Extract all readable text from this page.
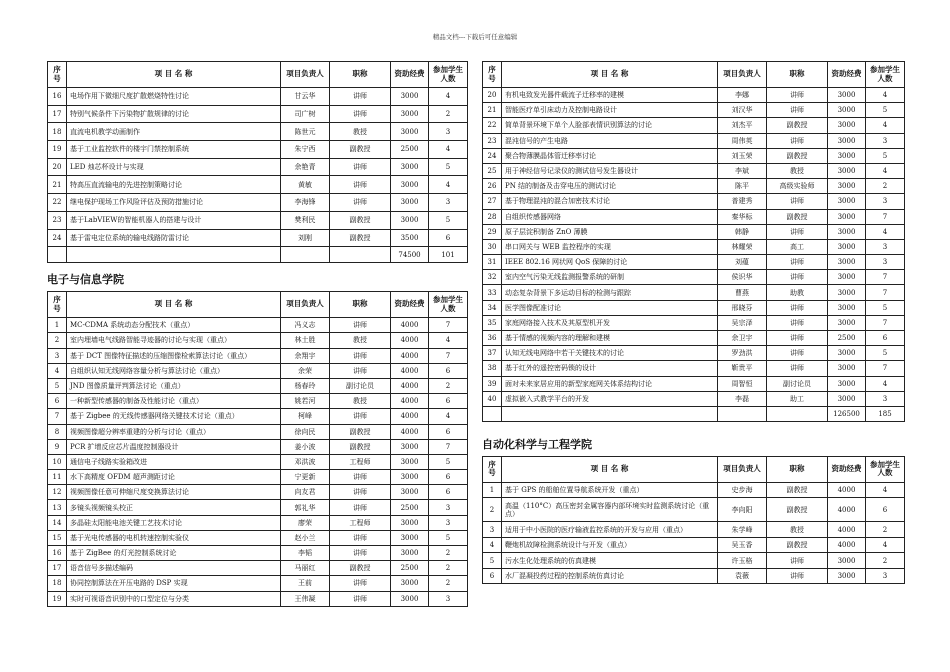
精品文档---下载后可任意编辑
序号	项 目 名 称	项目负责人	职称	资助经费	参加学生人数
16	电场作用下微细尺度扩散燃烧特性讨论	甘云华	讲师	3000	4
17	特别气候条件下污染物扩散规律的讨论	司广树	讲师	3000	2
18	直流电机教学动画制作	陈世元	教授	3000	3
19	基于工业监控软件的楼宇门禁控制系统	朱宁西	副教授	2500	4
20	LED 烛芯杯设计与实现	余艳青	讲师	3000	5
21	特高压直流输电的先进控制策略讨论	黄敏	讲师	3000	4
22	继电保护现场工作风险评估及预防措施讨论	李海锋	讲师	3000	3
23	基于LabVIEW的智能机器人的搭建与设计	樊利民	副教授	3000	5
24	基于雷电定位系统的输电线路防雷讨论	刘刚	副教授	3500	6
				74500	101
电子与信息学院
序号	项 目 名 称	项目负责人	职称	资助经费	参加学生人数
1	MC-CDMA 系统动态分配技术（重点）	冯义志	讲师	4000	7
2	室内埋墙电气线路智能寻迹器的讨论与实现（重点）	林土胜	教授	4000	4
3	基于 DCT 图像特征描述的压缩图像检索算法讨论（重点）	余翔宇	讲师	4000	7
4	自组织认知无线网络容量分析与算法讨论（重点）	余荣	讲师	4000	6
5	JND 图像质量评判算法讨论（重点）	杨春玲	副讨论员	4000	2
6	一种新型传感器的制备及性能讨论（重点）	姚若河	教授	4000	6
7	基于 Zigbee 的无线传感器网络关键技术讨论（重点）	柯峰	讲师	4000	4
8	视频图像超分辨率重建的分析与讨论（重点）	徐向民	副教授	4000	6
9	PCR 扩增反应芯片温度控制器设计	姜小波	副教授	3000	7
10	通信电子线路实验箱改进	邓洪波	工程师	3000	5
11	水下高精度 OFDM 超声测距讨论	宁更新	讲师	3000	6
12	视频图像任意可伸缩尺度变换算法讨论	向友君	讲师	3000	6
13	多镜头视频镜头校正	郭礼华	讲师	2500	3
14	多晶硅太阳能电池关键工艺技术讨论	廖荣	工程师	3000	3
15	基于光电传感器的电机转速控制实验仪	赵小兰	讲师	3000	5
16	基于 ZigBee 的灯光控制系统讨论	李韬	讲师	3000	2
17	语音信号多描述编码	马丽红	副教授	2500	2
18	协同控制算法在开压电路的 DSP 实现	王前	讲师	3000	2
19	实时可视语音识别中的口型定位与分类	王伟凝	讲师	3000	3
序号	项 目 名 称	项目负责人	职称	资助经费	参加学生人数
20	有机电致发光器件载流子迁移率的建模	李娜	讲师	3000	4
21	智能医疗单引床动力及控制电路设计	刘汉华	讲师	3000	5
22	简单背景环境下单个人脸部表情识别算法的讨论	刘杰平	副教授	3000	4
23	混沌信号的产生电路	周伟英	讲师	3000	3
24	聚合物薄膜晶体管迁移率讨论	刘玉荣	副教授	3000	5
25	用于神经信号记录仪的测试信号发生器设计	李斌	教授	3000	4
26	PN 结的制备及击穿电压的测试讨论	陈平	高级实验师	3000	2
27	基于物理混沌的混合加密技术讨论	普建秀	讲师	3000	3
28	自组织传感器网络	秦华标	副教授	3000	7
29	原子层淀积制备 ZnO 薄膜	韩静	讲师	3000	4
30	串口网关与 WEB 监控程序的实现	林耀荣	高工	3000	3
31	IEEE 802.16 网状网 QoS 保障的讨论	刘蕴	讲师	3000	3
32	室内空气污染无线监测报警系统的研制	侯识华	讲师	3000	7
33	动态复杂背景下多运动目标的检测与跟踪	曹燕	助教	3000	7
34	医学图像配准讨论	邢晓芬	讲师	3000	5
35	家庭网络接入技术及其原型机开发	吴宗泽	讲师	3000	7
36	基于情感的视频内容的理解和建模	余卫宇	讲师	2500	6
37	认知无线电网络中若干关键技术的讨论	罗劲洪	讲师	3000	5
38	基于红外的遥控密码锁的设计	靳贵平	讲师	3000	7
39	面对未来家居应用的新型家庭网关体系结构讨论	周智恒	副讨论员	3000	4
40	虚拟嵌入式教学平台的开发	李磊	助工	3000	3
				126500	185
自动化科学与工程学院
序号	项 目 名 称	项目负责人	职称	资助经费	参加学生人数
1	基于 GPS 的船舶位置导航系统开发（重点）	史步海	副教授	4000	4
2	高温（110°C）高压密封金属容器内部环境实时监测系统讨论（重点）	李向阳	副教授	4000	6
3	适用于中小医院的医疗输液监控系统的开发与应用（重点）	朱学峰	教授	4000	2
4	鞭炮机故障检测系统设计与开发（重点）	吴玉香	副教授	4000	4
5	污水生化处理系统的仿真建模	许玉格	讲师	3000	2
6	水厂混凝投药过程的控制系统仿真讨论	袁薇	讲师	3000	3
